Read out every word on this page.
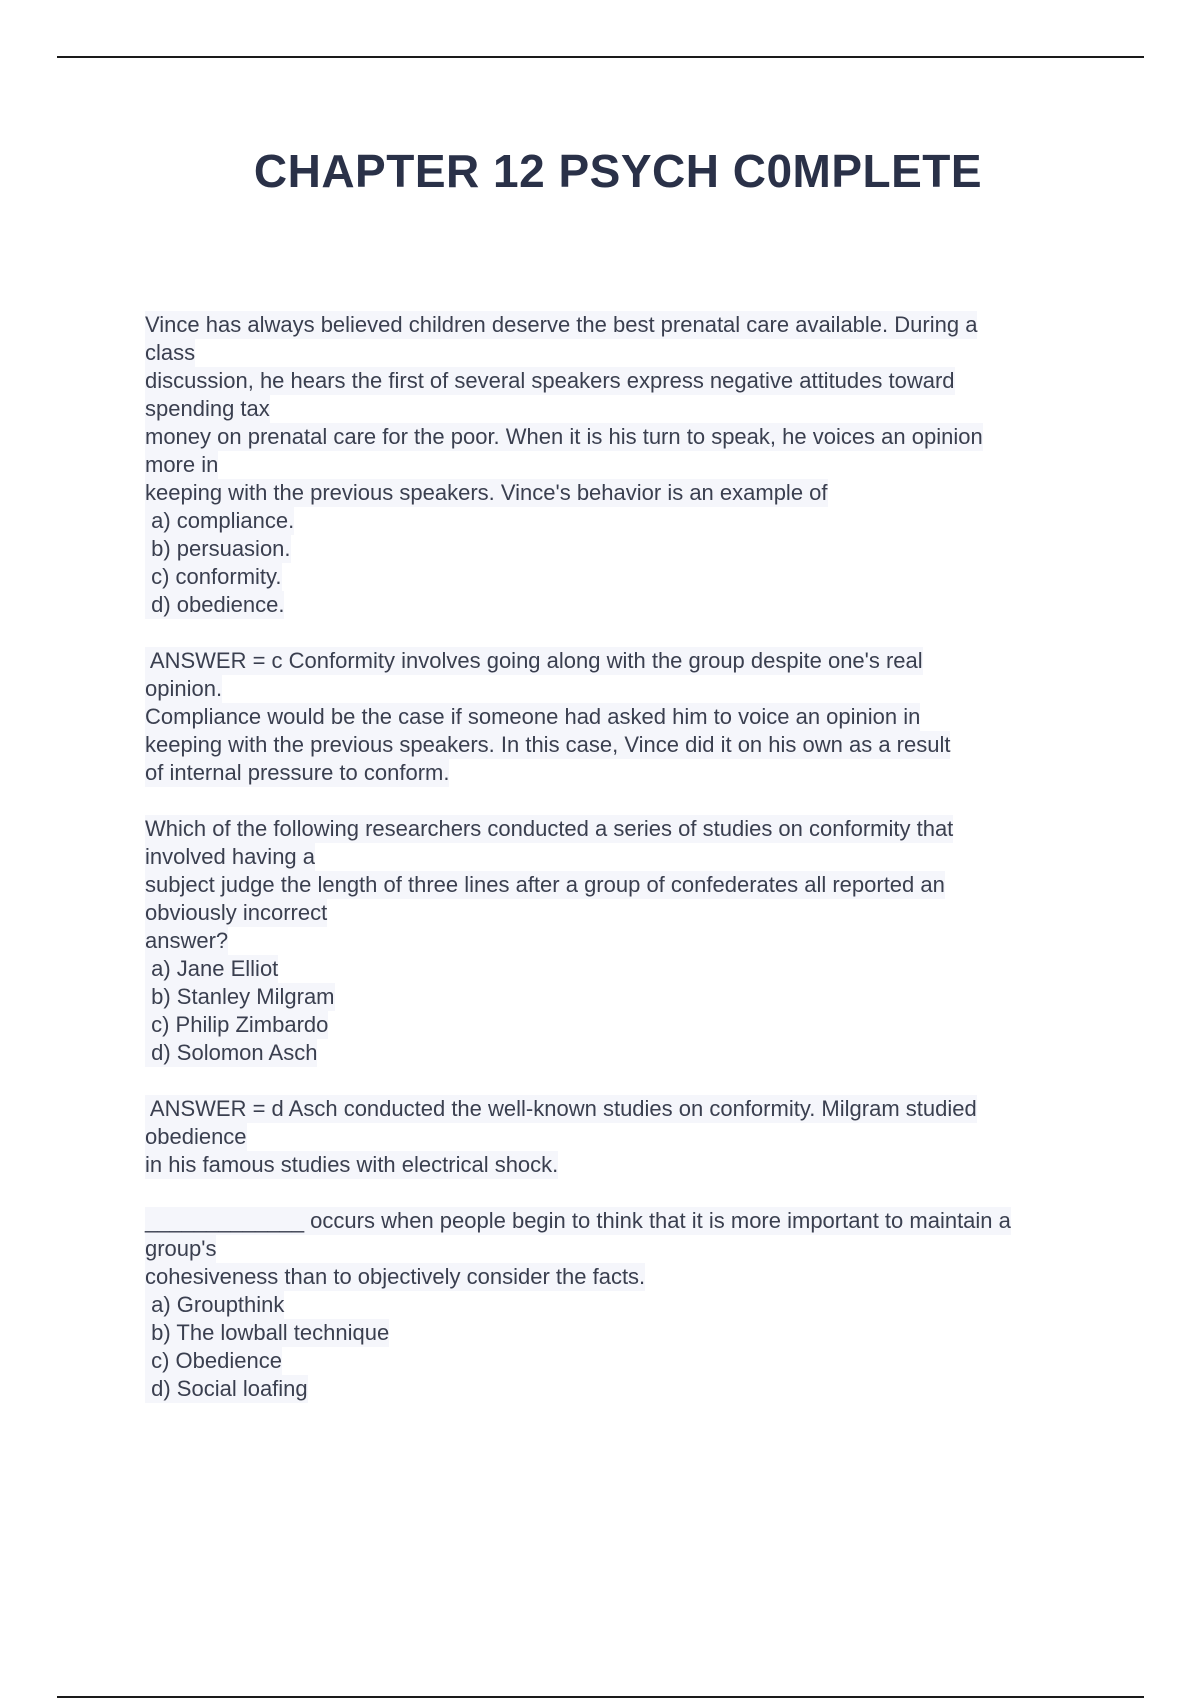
CHAPTER 12 PSYCH C0MPLETE
Vince has always believed children deserve the best prenatal care available. During a
class
discussion, he hears the first of several speakers express negative attitudes toward
spending tax
money on prenatal care for the poor. When it is his turn to speak, he voices an opinion
more in
keeping with the previous speakers. Vince's behavior is an example of
a) compliance.
b) persuasion.
c) conformity.
d) obedience.
ANSWER = c Conformity involves going along with the group despite one's real
opinion.
Compliance would be the case if someone had asked him to voice an opinion in
keeping with the previous speakers. In this case, Vince did it on his own as a result
of internal pressure to conform.
Which of the following researchers conducted a series of studies on conformity that
involved having a
subject judge the length of three lines after a group of confederates all reported an
obviously incorrect
answer?
a) Jane Elliot
b) Stanley Milgram
c) Philip Zimbardo
d) Solomon Asch
ANSWER = d Asch conducted the well-known studies on conformity. Milgram studied
obedience
in his famous studies with electrical shock.
_____________ occurs when people begin to think that it is more important to maintain a
group's
cohesiveness than to objectively consider the facts.
a) Groupthink
b) The lowball technique
c) Obedience
d) Social loafing
